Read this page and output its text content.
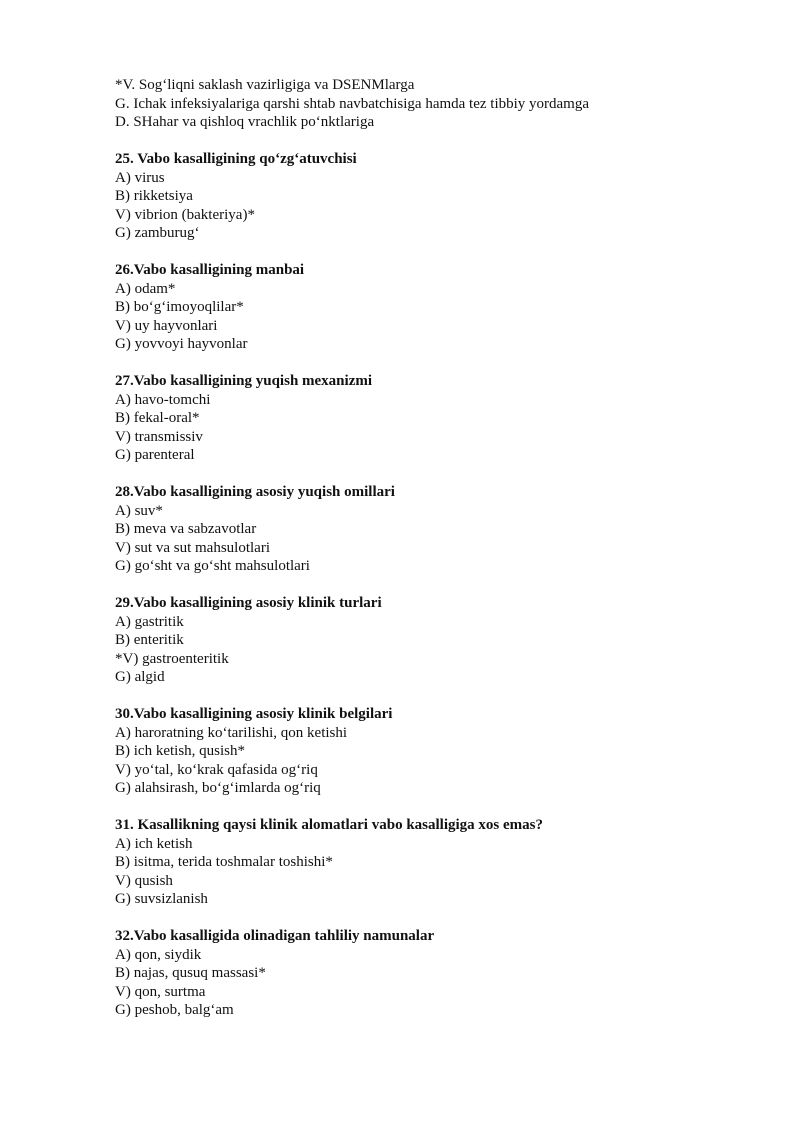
*V. Sog‘liqni saklash vazirligiga va DSENMlarga

G. Ichak infeksiyalariga qarshi shtab navbatchisiga hamda tez tibbiy yordamga

D. SHahar va qishloq vrachlik po‘nktlariga

25. Vabo kasalligining qo‘zg‘atuvchisi

A) virus

B) rikketsiya

V) vibrion (bakteriya)*

G) zamburug‘

26.Vabo kasalligining manbai

A) odam*

B) bo‘g‘imoyoqlilar*

V) uy hayvonlari

G) yovvoyi hayvonlar

27.Vabo kasalligining yuqish mexanizmi

A) havo-tomchi

B) fekal-oral*

V) transmissiv

G) parenteral

28.Vabo kasalligining asosiy yuqish omillari

A) suv*

B) meva va sabzavotlar

V) sut va sut mahsulotlari

G) go‘sht va go‘sht mahsulotlari

29.Vabo kasalligining asosiy klinik turlari

A) gastritik

B) enteritik

*V) gastroenteritik

G) algid

30.Vabo kasalligining asosiy klinik belgilari

A) haroratning ko‘tarilishi, qon ketishi

B) ich ketish, qusish*

V) yo‘tal, ko‘krak qafasida og‘riq

G) alahsirash, bo‘g‘imlarda og‘riq

31. Kasallikning qaysi klinik alomatlari vabo kasalligiga xos emas?

A) ich ketish

B) isitma, terida toshmalar toshishi*

V) qusish

G) suvsizlanish

32.Vabo kasalligida olinadigan tahliliy namunalar

A) qon, siydik

B) najas, qusuq massasi*

V) qon, surtma

G) peshob, balg‘am
